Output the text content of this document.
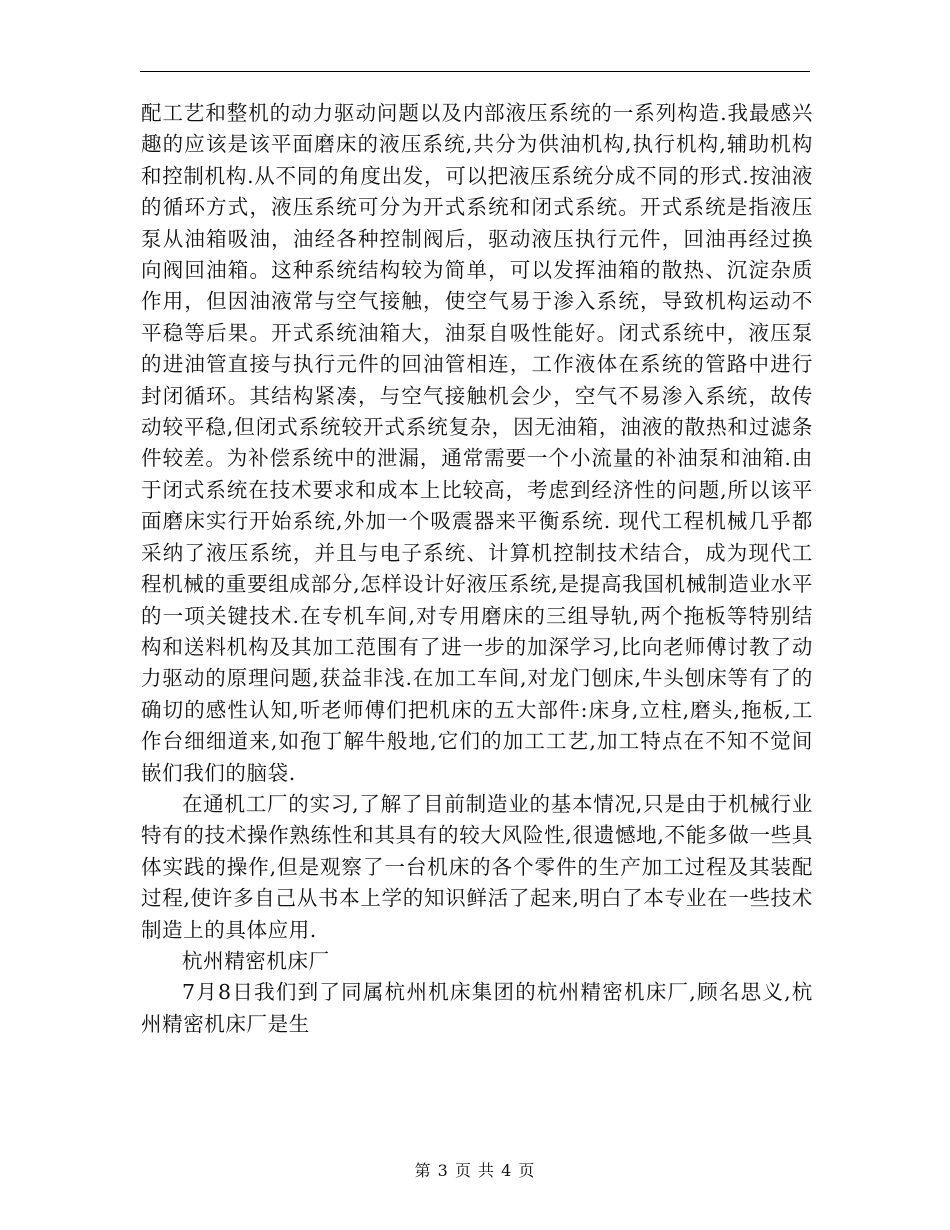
配工艺和整机的动力驱动问题以及内部液压系统的一系列构造.我最感兴趣的应该是该平面磨床的液压系统,共分为供油机构,执行机构,辅助机构和控制机构.从不同的角度出发，可以把液压系统分成不同的形式.按油液的循环方式，液压系统可分为开式系统和闭式系统。开式系统是指液压泵从油箱吸油，油经各种控制阀后，驱动液压执行元件，回油再经过换向阀回油箱。这种系统结构较为简单，可以发挥油箱的散热、沉淀杂质作用，但因油液常与空气接触，使空气易于渗入系统，导致机构运动不平稳等后果。开式系统油箱大，油泵自吸性能好。闭式系统中，液压泵的进油管直接与执行元件的回油管相连，工作液体在系统的管路中进行封闭循环。其结构紧凑，与空气接触机会少，空气不易渗入系统，故传动较平稳,但闭式系统较开式系统复杂，因无油箱，油液的散热和过滤条件较差。为补偿系统中的泄漏，通常需要一个小流量的补油泵和油箱.由于闭式系统在技术要求和成本上比较高，考虑到经济性的问题,所以该平面磨床实行开始系统,外加一个吸震器来平衡系统. 现代工程机械几乎都采纳了液压系统，并且与电子系统、计算机控制技术结合，成为现代工程机械的重要组成部分,怎样设计好液压系统,是提高我国机械制造业水平的一项关键技术.在专机车间,对专用磨床的三组导轨,两个拖板等特别结构和送料机构及其加工范围有了进一步的加深学习,比向老师傅讨教了动力驱动的原理问题,获益非浅.在加工车间,对龙门刨床,牛头刨床等有了的确切的感性认知,听老师傅们把机床的五大部件:床身,立柱,磨头,拖板,工作台细细道来,如孢丁解牛般地,它们的加工工艺,加工特点在不知不觉间嵌们我们的脑袋.

在通机工厂的实习,了解了目前制造业的基本情况,只是由于机械行业特有的技术操作熟练性和其具有的较大风险性,很遗憾地,不能多做一些具体实践的操作,但是观察了一台机床的各个零件的生产加工过程及其装配过程,使许多自己从书本上学的知识鲜活了起来,明白了本专业在一些技术制造上的具体应用.

杭州精密机床厂

7月8日我们到了同属杭州机床集团的杭州精密机床厂,顾名思义,杭州精密机床厂是生

第 3 页 共 4 页
